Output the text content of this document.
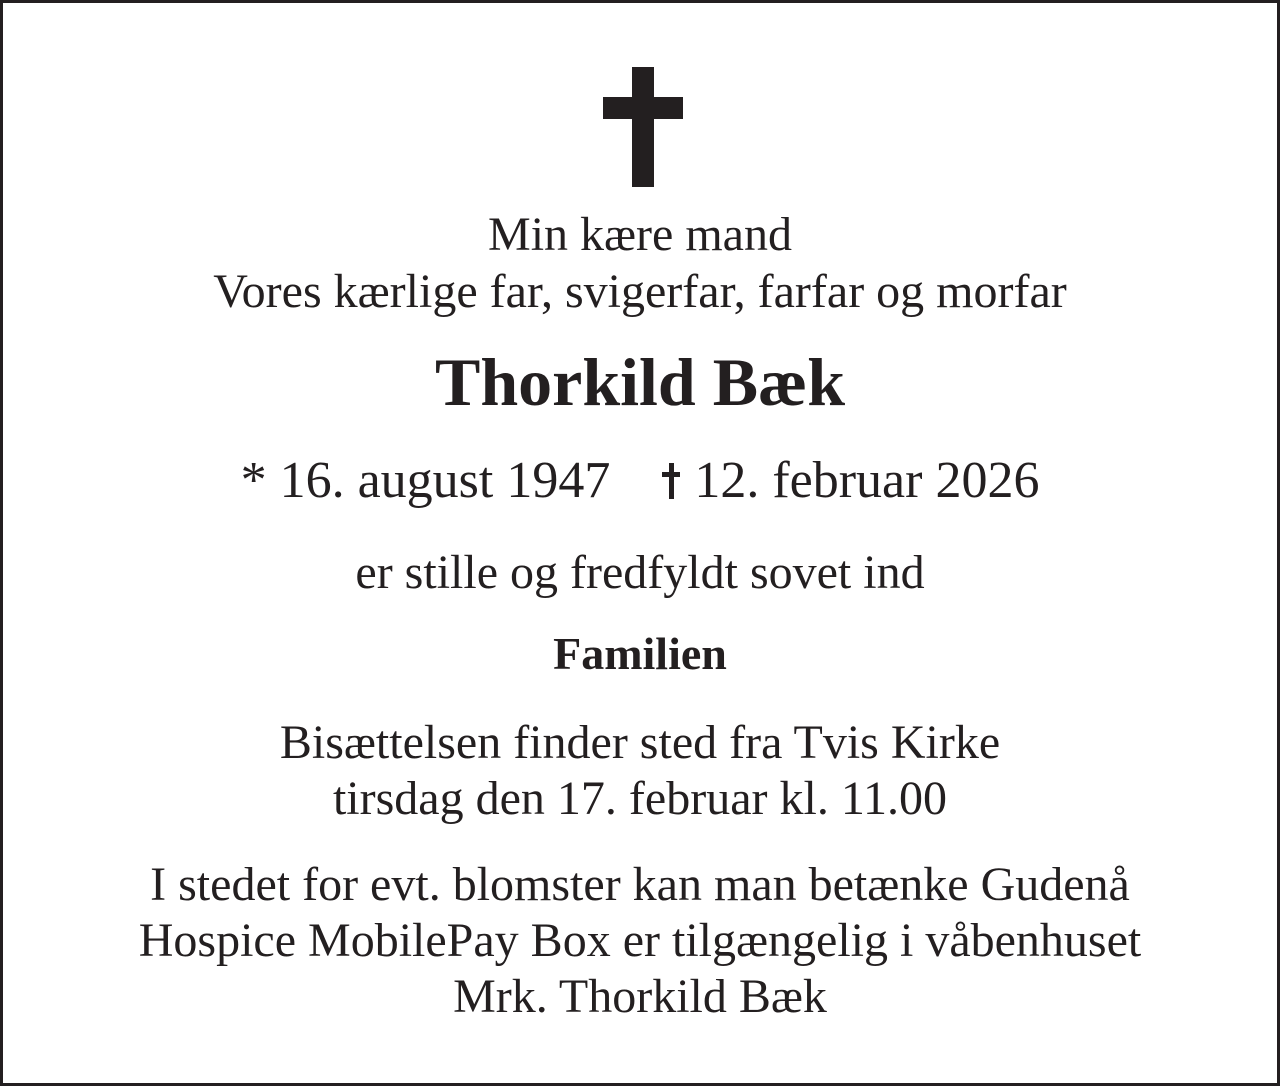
Min kære mand
Vores kærlige far, svigerfar, farfar og morfar
Thorkild Bæk
* 16. august 1947 12. februar 2026
er stille og fredfyldt sovet ind
Familien
Bisættelsen finder sted fra Tvis Kirke
tirsdag den 17. februar kl. 11.00
I stedet for evt. blomster kan man betænke Gudenå
Hospice MobilePay Box er tilgængelig i våbenhuset
Mrk. Thorkild Bæk
